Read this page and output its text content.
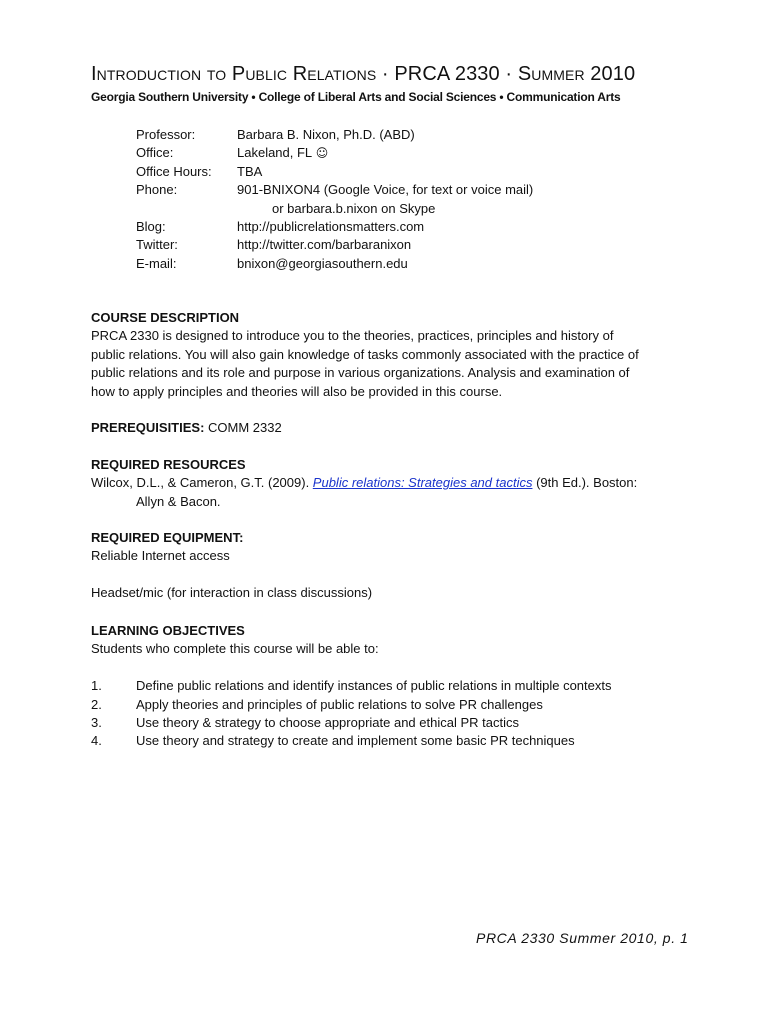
Introduction to Public Relations · PRCA 2330 · Summer 2010
Georgia Southern University • College of Liberal Arts and Social Sciences • Communication Arts
Professor:	Barbara B. Nixon, Ph.D. (ABD)
Office:	Lakeland, FL
☺
Office Hours:	TBA
Phone:	901-BNIXON4 (Google Voice, for text or voice mail)
or barbara.b.nixon on Skype
Blog:	http://publicrelationsmatters.com
Twitter:	http://twitter.com/barbaranixon
E-mail:	bnixon@georgiasouthern.edu
COURSE DESCRIPTION
PRCA 2330 is designed to introduce you to the theories, practices, principles and history of
public relations. You will also gain knowledge of tasks commonly associated with the practice of
public relations and its role and purpose in various organizations. Analysis and examination of
how to apply principles and theories will also be provided in this course.
PREREQUISITIES: COMM 2332
REQUIRED RESOURCES
Wilcox, D.L., & Cameron, G.T. (2009). Public relations: Strategies and tactics (9th Ed.). Boston:
Allyn & Bacon.
REQUIRED EQUIPMENT:
Reliable Internet access
Headset/mic (for interaction in class discussions)
LEARNING OBJECTIVES
Students who complete this course will be able to:
1.	Define public relations and identify instances of public relations in multiple contexts
2.	Apply theories and principles of public relations to solve PR challenges
3.	Use theory & strategy to choose appropriate and ethical PR tactics
4.	Use theory and strategy to create and implement some basic PR techniques
PRCA 2330 Summer 2010, p. 1
